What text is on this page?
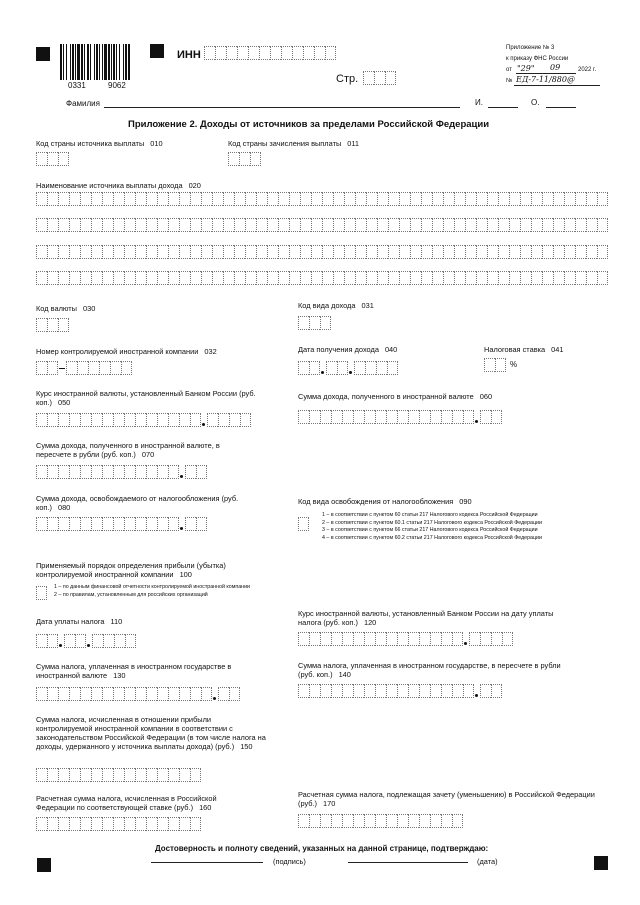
0331	9062
ИНН
Стр.
Приложение № 3
к приказу ФНС России
от "29" 09	2022 г.
№ ЕД-7-11/880@
Фамилия	И.	О.
Приложение 2. Доходы от источников за пределами Российской Федерации
Код страны источника выплаты 010	Код страны зачисления выплаты 011
Наименование источника выплаты дохода 020
Код валюты 030	Код вида дохода 031
Номер контролируемой иностранной компании 032	Дата получения дохода 040	Налоговая ставка 041
%
Курс иностранной валюты, установленный Банком России (руб. коп.) 050
Сумма дохода, полученного в иностранной валюте 060
Сумма дохода, полученного в иностранной валюте, в пересчете в рубли (руб. коп.) 070
Сумма дохода, освобождаемого от налогообложения (руб. коп.) 080
Код вида освобождения от налогообложения 090
1 – в соответствии с пунктом 60 статьи 217 Налогового кодекса Российской Федерации
2 – в соответствии с пунктом 60.1 статьи 217 Налогового кодекса Российской Федерации
3 – в соответствии с пунктом 66 статьи 217 Налогового кодекса Российской Федерации
4 – в соответствии с пунктом 60.2 статьи 217 Налогового кодекса Российской Федерации
Применяемый порядок определения прибыли (убытка) контролируемой иностранной компании 100
1 – по данным финансовой отчетности контролируемой иностранной компании
2 – по правилам, установленным для российских организаций
Дата уплаты налога 110
Курс иностранной валюты, установленный Банком России на дату уплаты налога (руб. коп.) 120
Сумма налога, уплаченная в иностранном государстве в иностранной валюте 130
Сумма налога, уплаченная в иностранном государстве, в пересчете в рубли (руб. коп.) 140
Сумма налога, исчисленная в отношении прибыли контролируемой иностранной компании в соответствии с законодательством Российской Федерации (в том числе налога на доходы, удержанного у источника выплаты дохода) (руб.) 150
Расчетная сумма налога, исчисленная в Российской Федерации по соответствующей ставке (руб.) 160
Расчетная сумма налога, подлежащая зачету (уменьшению) в Российской Федерации (руб.) 170
Достоверность и полноту сведений, указанных на данной странице, подтверждаю:
(подпись)	(дата)
